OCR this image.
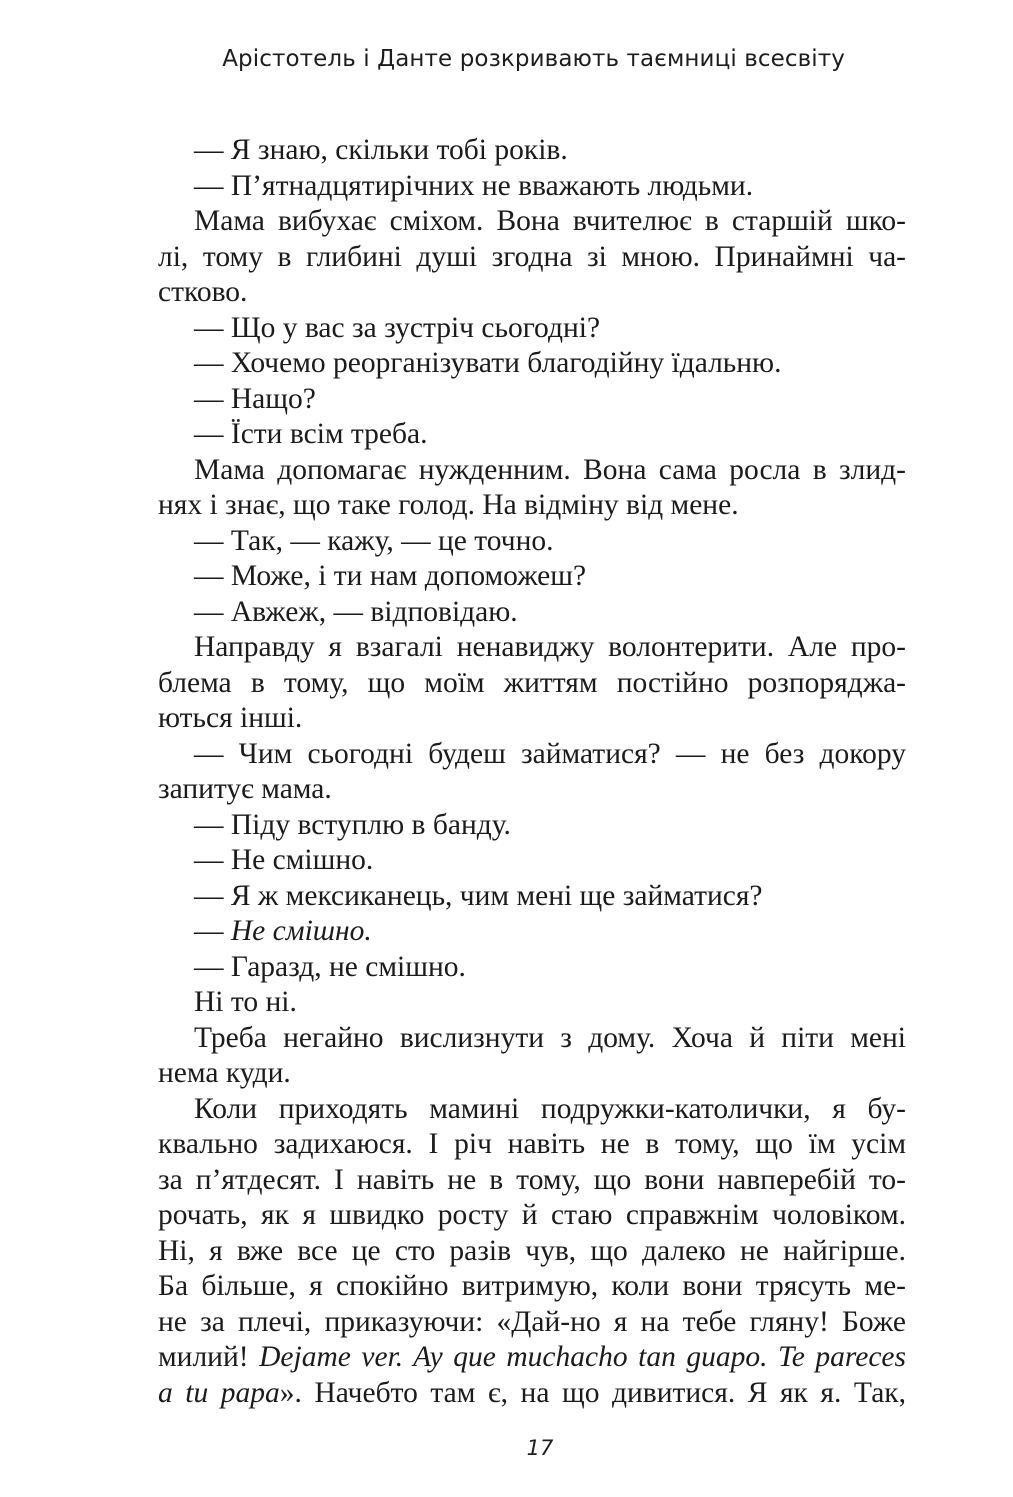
Арістотель і Данте розкривають таємниці всесвіту
— Я знаю, скільки тобі років.
— П’ятнадцятирічних не вважають людьми.
Мама вибухає сміхом. Вона вчителює в старшій шко-
лі, тому в глибині душі згодна зі мною. Принаймні ча-
стково.
— Що у вас за зустріч сьогодні?
— Хочемо реорганізувати благодійну їдальню.
— Нащо?
— Їсти всім треба.
Мама допомагає нужденним. Вона сама росла в злид-
нях і знає, що таке голод. На відміну від мене.
— Так, — кажу, — це точно.
— Може, і ти нам допоможеш?
— Авжеж, — відповідаю.
Направду я взагалі ненавиджу волонтерити. Але про-
блема в тому, що моїм життям постійно розпоряджа-
ються інші.
— Чим сьогодні будеш займатися? — не без докору
запитує мама.
— Піду вступлю в банду.
— Не смішно.
— Я ж мексиканець, чим мені ще займатися?
— Не смішно.
— Гаразд, не смішно.
Ні то ні.
Треба негайно вислизнути з дому. Хоча й піти мені
нема куди.
Коли приходять мамині подружки-католички, я бу-
квально задихаюся. І річ навіть не в тому, що їм усім
за п’ятдесят. І навіть не в тому, що вони навперебій то-
рочать, як я швидко росту й стаю справжнім чоловіком.
Ні, я вже все це сто разів чув, що далеко не найгірше.
Ба більше, я спокійно витримую, коли вони трясуть ме-
не за плечі, приказуючи: «Дай-но я на тебе гляну! Боже
милий! Dejame ver. Ay que muchacho tan guapo. Te pareces
a tu papa». Начебто там є, на що дивитися. Я як я. Так,
17
